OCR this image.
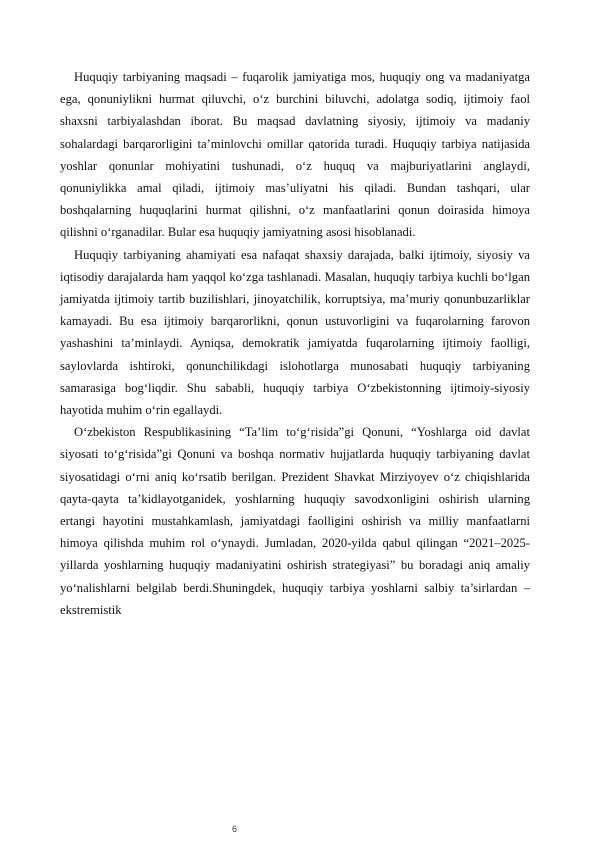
Huquqiy tarbiyaning maqsadi – fuqarolik jamiyatiga mos, huquqiy ong va madaniyatga ega, qonuniylikni hurmat qiluvchi, o‘z burchini biluvchi, adolatga sodiq, ijtimoiy faol shaxsni tarbiyalashdan iborat. Bu maqsad davlatning siyosiy, ijtimoiy va madaniy sohalardagi barqarorligini ta’minlovchi omillar qatorida turadi. Huquqiy tarbiya natijasida yoshlar qonunlar mohiyatini tushunadi, o‘z huquq va majburiyatlarini anglaydi, qonuniylikka amal qiladi, ijtimoiy mas’uliyatni his qiladi. Bundan tashqari, ular boshqalarning huquqlarini hurmat qilishni, o‘z manfaatlarini qonun doirasida himoya qilishni o‘rganadilar. Bular esa huquqiy jamiyatning asosi hisoblanadi.

Huquqiy tarbiyaning ahamiyati esa nafaqat shaxsiy darajada, balki ijtimoiy, siyosiy va iqtisodiy darajalarda ham yaqqol ko‘zga tashlanadi. Masalan, huquqiy tarbiya kuchli bo‘lgan jamiyatda ijtimoiy tartib buzilishlari, jinoyatchilik, korruptsiya, ma’muriy qonunbuzarliklar kamayadi. Bu esa ijtimoiy barqarorlikni, qonun ustuvorligini va fuqarolarning farovon yashashini ta’minlaydi. Ayniqsa, demokratik jamiyatda fuqarolarning ijtimoiy faolligi, saylovlarda ishtiroki, qonunchilikdagi islohotlarga munosabati huquqiy tarbiyaning samarasiga bog‘liqdir. Shu sababli, huquqiy tarbiya O‘zbekistonning ijtimoiy-siyosiy hayotida muhim o‘rin egallaydi.

O‘zbekiston Respublikasining “Ta’lim to‘g‘risida”gi Qonuni, “Yoshlarga oid davlat siyosati to‘g‘risida”gi Qonuni va boshqa normativ hujjatlarda huquqiy tarbiyaning davlat siyosatidagi o‘rni aniq ko‘rsatib berilgan. Prezident Shavkat Mirziyoyev o‘z chiqishlarida qayta-qayta ta’kidlayotganidek, yoshlarning huquqiy savodxonligini oshirish ularning ertangi hayotini mustahkamlash, jamiyatdagi faolligini oshirish va milliy manfaatlarni himoya qilishda muhim rol o‘ynaydi. Jumladan, 2020-yilda qabul qilingan “2021–2025-yillarda yoshlarning huquqiy madaniyatini oshirish strategiyasi” bu boradagi aniq amaliy yo‘nalishlarni belgilab berdi.Shuningdek, huquqiy tarbiya yoshlarni salbiy ta’sirlardan – ekstremistik

6
